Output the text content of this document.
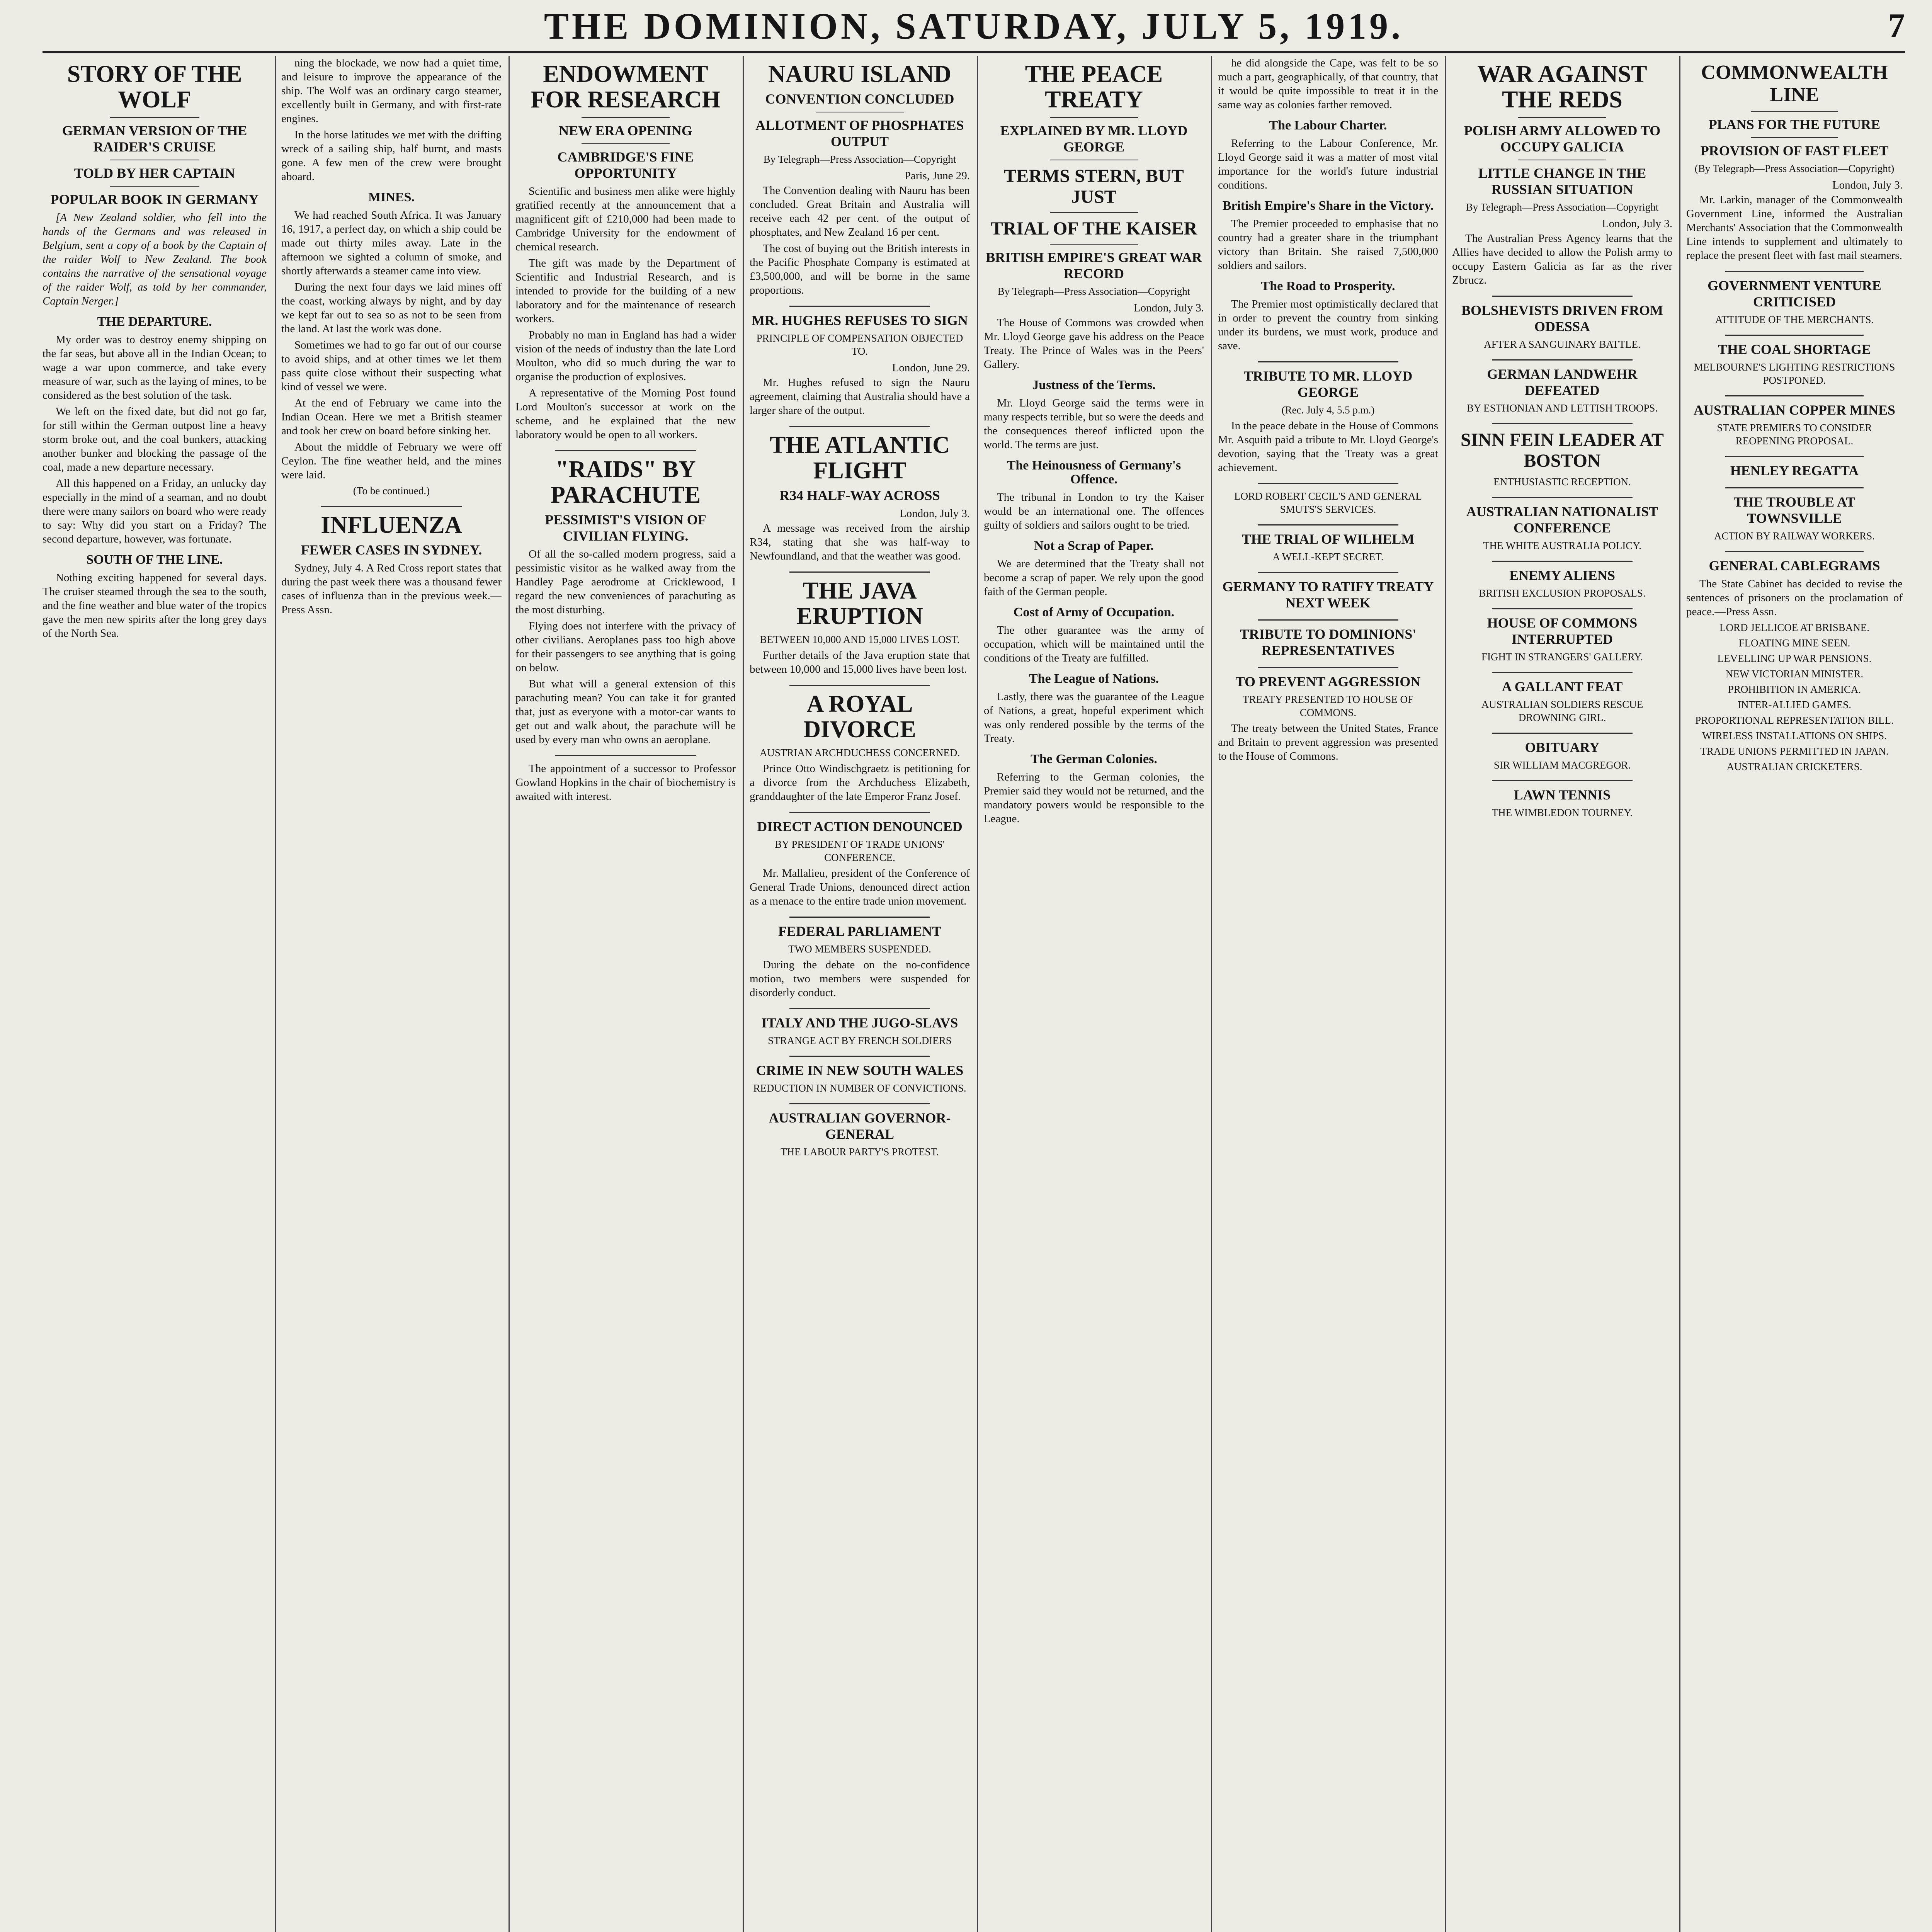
THE DOMINION, SATURDAY, JULY 5, 1919.	7
STORY OF THE WOLF
GERMAN VERSION OF THE RAIDER'S CRUISE
TOLD BY HER CAPTAIN
POPULAR BOOK IN GERMANY

[A New Zealand soldier, who fell into the hands of the Germans and was released in Belgium, sent a copy of a book by the Captain of the raider Wolf to New Zealand. The book contains the narrative of the sensational voyage of the raider Wolf, as told by her commander, Captain Nerger.]

THE DEPARTURE.

My order was to destroy enemy shipping on the far seas, but above all in the Indian Ocean; to wage a war upon commerce, and take every measure of war, such as the laying of mines, to be considered as the best solution of the task.

We left on the fixed date, but did not go far, for still within the German outpost line a heavy storm broke out, and the coal bunkers, attacking another bunker and blocking the passage of the coal, made a new departure necessary.

All this happened on a Friday, an unlucky day especially in the mind of a seaman, and no doubt there were many sailors on board who were ready to say: Why did you start on a Friday? The second departure, however, was fortunate.

SOUTH OF THE LINE.

Nothing exciting happened for several days. The cruiser steamed through the sea to the south, and the fine weather and blue water of the tropics gave the men new spirits after the long grey days of the North Sea.

ning the blockade, we now had a quiet time, and leisure to improve the appearance of the ship. The Wolf was an ordinary cargo steamer, excellently built in Germany, and with first-rate engines.

In the horse latitudes we met with the drifting wreck of a sailing ship, half burnt, and masts gone. A few men of the crew were brought aboard.

MINES.

We had reached South Africa. It was January 16, 1917, a perfect day, on which a ship could be made out thirty miles away. Late in the afternoon we sighted a column of smoke, and shortly afterwards a steamer came into view.

During the next four days we laid mines off the coast, working always by night, and by day we kept far out to sea so as not to be seen from the land. At last the work was done.

Sometimes we had to go far out of our course to avoid ships, and at other times we let them pass quite close without their suspecting what kind of vessel we were.

At the end of February we came into the Indian Ocean. Here we met a British steamer and took her crew on board before sinking her.

About the middle of February we were off Ceylon. The fine weather held, and the mines were laid.

(To be continued.)
INFLUENZA
FEWER CASES IN SYDNEY.

Sydney, July 4. A Red Cross report states that during the past week there was a thousand fewer cases of influenza than in the previous week.—Press Assn.

ENDOWMENT FOR RESEARCH
NEW ERA OPENING
CAMBRIDGE'S FINE OPPORTUNITY

Scientific and business men alike were highly gratified recently at the announcement that a magnificent gift of £210,000 had been made to Cambridge University for the endowment of chemical research.

The gift was made by the Department of Scientific and Industrial Research, and is intended to provide for the building of a new laboratory and for the maintenance of research workers.

Probably no man in England has had a wider vision of the needs of industry than the late Lord Moulton, who did so much during the war to organise the production of explosives.

A representative of the Morning Post found Lord Moulton's successor at work on the scheme, and he explained that the new laboratory would be open to all workers.

"RAIDS" BY PARACHUTE
PESSIMIST'S VISION OF CIVILIAN FLYING.

Of all the so-called modern progress, said a pessimistic visitor as he walked away from the Handley Page aerodrome at Cricklewood, I regard the new conveniences of parachuting as the most disturbing.

Flying does not interfere with the privacy of other civilians. Aeroplanes pass too high above for their passengers to see anything that is going on below.

But what will a general extension of this parachuting mean? You can take it for granted that, just as everyone with a motor-car wants to get out and walk about, the parachute will be used by every man who owns an aeroplane.

The appointment of a successor to Professor Gowland Hopkins in the chair of biochemistry is awaited with interest.

NAURU ISLAND
CONVENTION CONCLUDED
ALLOTMENT OF PHOSPHATES OUTPUT
By Telegraph—Press Association—Copyright
Paris, June 29.

The Convention dealing with Nauru has been concluded. Great Britain and Australia will receive each 42 per cent. of the output of phosphates, and New Zealand 16 per cent.

The cost of buying out the British interests in the Pacific Phosphate Company is estimated at £3,500,000, and will be borne in the same proportions.

MR. HUGHES REFUSES TO SIGN
PRINCIPLE OF COMPENSATION OBJECTED TO.
London, June 29.

Mr. Hughes refused to sign the Nauru agreement, claiming that Australia should have a larger share of the output.

THE ATLANTIC FLIGHT
R34 HALF-WAY ACROSS
London, July 3.

A message was received from the airship R34, stating that she was half-way to Newfoundland, and that the weather was good.

THE JAVA ERUPTION
BETWEEN 10,000 AND 15,000 LIVES LOST.

Further details of the Java eruption state that between 10,000 and 15,000 lives have been lost.

A ROYAL DIVORCE
AUSTRIAN ARCHDUCHESS CONCERNED.

Prince Otto Windischgraetz is petitioning for a divorce from the Archduchess Elizabeth, granddaughter of the late Emperor Franz Josef.

DIRECT ACTION DENOUNCED
BY PRESIDENT OF TRADE UNIONS' CONFERENCE.

Mr. Mallalieu, president of the Conference of General Trade Unions, denounced direct action as a menace to the entire trade union movement.

FEDERAL PARLIAMENT
TWO MEMBERS SUSPENDED.

During the debate on the no-confidence motion, two members were suspended for disorderly conduct.

ITALY AND THE JUGO-SLAVS
STRANGE ACT BY FRENCH SOLDIERS
CRIME IN NEW SOUTH WALES
REDUCTION IN NUMBER OF CONVICTIONS.
AUSTRALIAN GOVERNOR-GENERAL
THE LABOUR PARTY'S PROTEST.
THE PEACE TREATY
EXPLAINED BY MR. LLOYD GEORGE
TERMS STERN, BUT JUST
TRIAL OF THE KAISER
BRITISH EMPIRE'S GREAT WAR RECORD
By Telegraph—Press Association—Copyright
London, July 3.

The House of Commons was crowded when Mr. Lloyd George gave his address on the Peace Treaty. The Prince of Wales was in the Peers' Gallery.

Justness of the Terms.

Mr. Lloyd George said the terms were in many respects terrible, but so were the deeds and the consequences thereof inflicted upon the world. The terms are just.

The Heinousness of Germany's Offence.

The tribunal in London to try the Kaiser would be an international one. The offences guilty of soldiers and sailors ought to be tried.

Not a Scrap of Paper.

We are determined that the Treaty shall not become a scrap of paper. We rely upon the good faith of the German people.

Cost of Army of Occupation.

The other guarantee was the army of occupation, which will be maintained until the conditions of the Treaty are fulfilled.

The League of Nations.

Lastly, there was the guarantee of the League of Nations, a great, hopeful experiment which was only rendered possible by the terms of the Treaty.

The German Colonies.

Referring to the German colonies, the Premier said they would not be returned, and the mandatory powers would be responsible to the League.

he did alongside the Cape, was felt to be so much a part, geographically, of that country, that it would be quite impossible to treat it in the same way as colonies farther removed.

The Labour Charter.

Referring to the Labour Conference, Mr. Lloyd George said it was a matter of most vital importance for the world's future industrial conditions.

British Empire's Share in the Victory.

The Premier proceeded to emphasise that no country had a greater share in the triumphant victory than Britain. She raised 7,500,000 soldiers and sailors.

The Road to Prosperity.

The Premier most optimistically declared that in order to prevent the country from sinking under its burdens, we must work, produce and save.

TRIBUTE TO MR. LLOYD GEORGE
(Rec. July 4, 5.5 p.m.)

In the peace debate in the House of Commons Mr. Asquith paid a tribute to Mr. Lloyd George's devotion, saying that the Treaty was a great achievement.

LORD ROBERT CECIL'S AND GENERAL SMUTS'S SERVICES.
THE TRIAL OF WILHELM
A WELL-KEPT SECRET.
GERMANY TO RATIFY TREATY NEXT WEEK
TRIBUTE TO DOMINIONS' REPRESENTATIVES
TO PREVENT AGGRESSION
TREATY PRESENTED TO HOUSE OF COMMONS.

The treaty between the United States, France and Britain to prevent aggression was presented to the House of Commons.

WAR AGAINST THE REDS
POLISH ARMY ALLOWED TO OCCUPY GALICIA
LITTLE CHANGE IN THE RUSSIAN SITUATION
By Telegraph—Press Association—Copyright
London, July 3.

The Australian Press Agency learns that the Allies have decided to allow the Polish army to occupy Eastern Galicia as far as the river Zbrucz.

BOLSHEVISTS DRIVEN FROM ODESSA
AFTER A SANGUINARY BATTLE.
GERMAN LANDWEHR DEFEATED
BY ESTHONIAN AND LETTISH TROOPS.
SINN FEIN LEADER AT BOSTON
ENTHUSIASTIC RECEPTION.
AUSTRALIAN NATIONALIST CONFERENCE
THE WHITE AUSTRALIA POLICY.
ENEMY ALIENS
BRITISH EXCLUSION PROPOSALS.
HOUSE OF COMMONS INTERRUPTED
FIGHT IN STRANGERS' GALLERY.
A GALLANT FEAT
AUSTRALIAN SOLDIERS RESCUE DROWNING GIRL.
OBITUARY
SIR WILLIAM MACGREGOR.
LAWN TENNIS
THE WIMBLEDON TOURNEY.
COMMONWEALTH LINE
PLANS FOR THE FUTURE
PROVISION OF FAST FLEET
(By Telegraph—Press Association—Copyright)
London, July 3.

Mr. Larkin, manager of the Commonwealth Government Line, informed the Australian Merchants' Association that the Commonwealth Line intends to supplement and ultimately to replace the present fleet with fast mail steamers.

GOVERNMENT VENTURE CRITICISED
ATTITUDE OF THE MERCHANTS.
THE COAL SHORTAGE
MELBOURNE'S LIGHTING RESTRICTIONS POSTPONED.
AUSTRALIAN COPPER MINES
STATE PREMIERS TO CONSIDER REOPENING PROPOSAL.
HENLEY REGATTA
THE TROUBLE AT TOWNSVILLE
ACTION BY RAILWAY WORKERS.
GENERAL CABLEGRAMS

The State Cabinet has decided to revise the sentences of prisoners on the proclamation of peace.—Press Assn.

LORD JELLICOE AT BRISBANE.
FLOATING MINE SEEN.
LEVELLING UP WAR PENSIONS.
NEW VICTORIAN MINISTER.
PROHIBITION IN AMERICA.
INTER-ALLIED GAMES.
PROPORTIONAL REPRESENTATION BILL.
WIRELESS INSTALLATIONS ON SHIPS.
TRADE UNIONS PERMITTED IN JAPAN.
AUSTRALIAN CRICKETERS.
